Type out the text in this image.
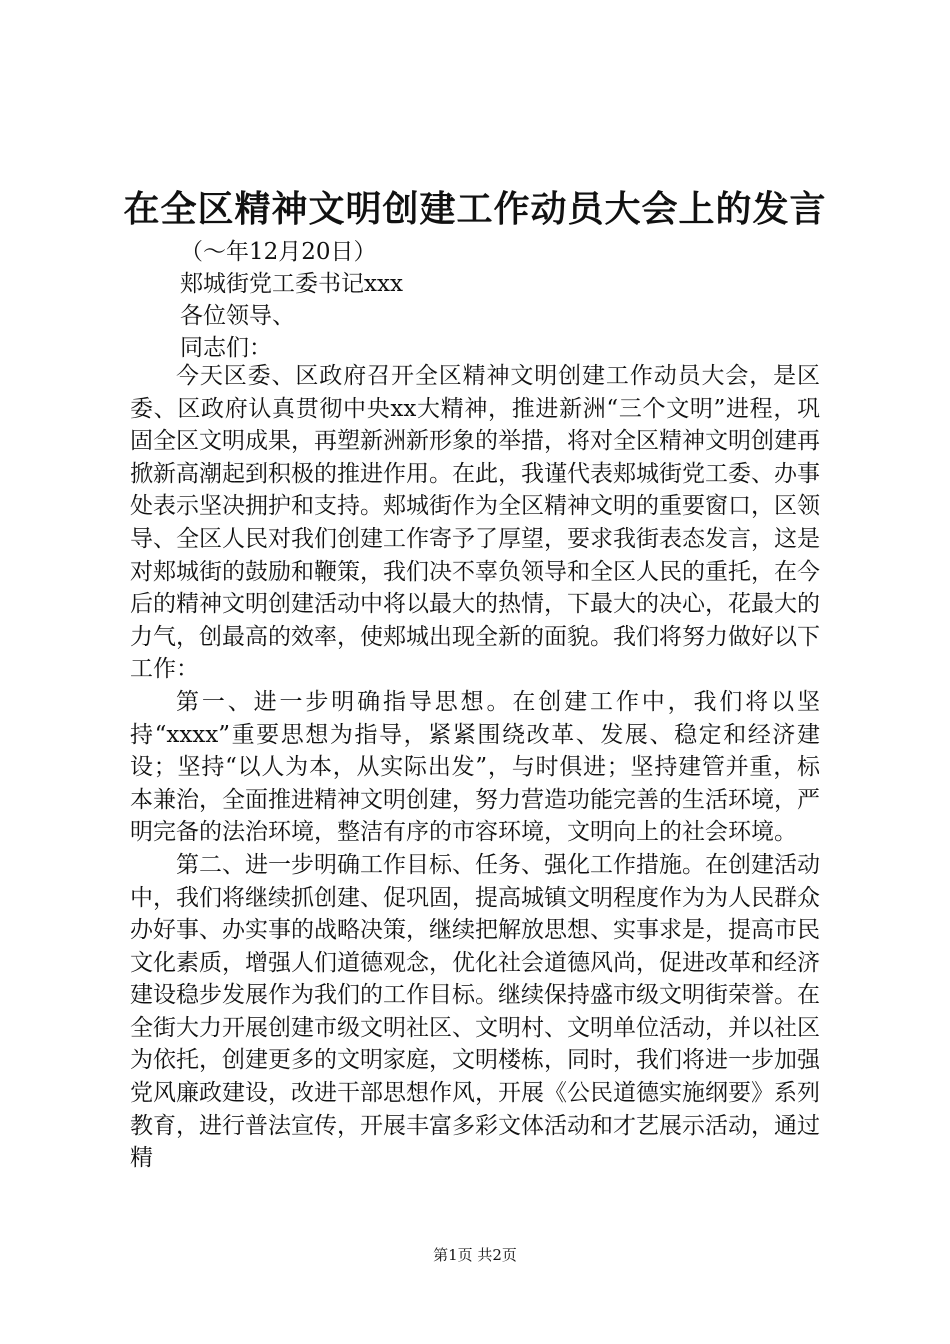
在全区精神文明创建工作动员大会上的发言
（～年12月20日）
郏城街党工委书记xxx
各位领导、
同志们：

今天区委、区政府召开全区精神文明创建工作动员大会，是区委、区政府认真贯彻中央xx大精神，推进新洲“三个文明”进程，巩固全区文明成果，再塑新洲新形象的举措，将对全区精神文明创建再掀新高潮起到积极的推进作用。在此，我谨代表郏城街党工委、办事处表示坚决拥护和支持。郏城街作为全区精神文明的重要窗口，区领导、全区人民对我们创建工作寄予了厚望，要求我街表态发言，这是对郏城街的鼓励和鞭策，我们决不辜负领导和全区人民的重托，在今后的精神文明创建活动中将以最大的热情，下最大的决心，花最大的力气，创最高的效率，使郏城出现全新的面貌。我们将努力做好以下工作：

第一、进一步明确指导思想。在创建工作中，我们将以坚持“xxxx”重要思想为指导，紧紧围绕改革、发展、稳定和经济建设；坚持“以人为本，从实际出发”，与时俱进；坚持建管并重，标本兼治，全面推进精神文明创建，努力营造功能完善的生活环境，严明完备的法治环境，整洁有序的市容环境，文明向上的社会环境。

第二、进一步明确工作目标、任务、强化工作措施。在创建活动中，我们将继续抓创建、促巩固，提高城镇文明程度作为为人民群众办好事、办实事的战略决策，继续把解放思想、实事求是，提高市民文化素质，增强人们道德观念，优化社会道德风尚，促进改革和经济建设稳步发展作为我们的工作目标。继续保持盛市级文明街荣誉。在全街大力开展创建市级文明社区、文明村、文明单位活动，并以社区为依托，创建更多的文明家庭，文明楼栋，同时，我们将进一步加强党风廉政建设，改进干部思想作风，开展《公民道德实施纲要》系列教育，进行普法宣传，开展丰富多彩文体活动和才艺展示活动，通过精

第1页 共2页
